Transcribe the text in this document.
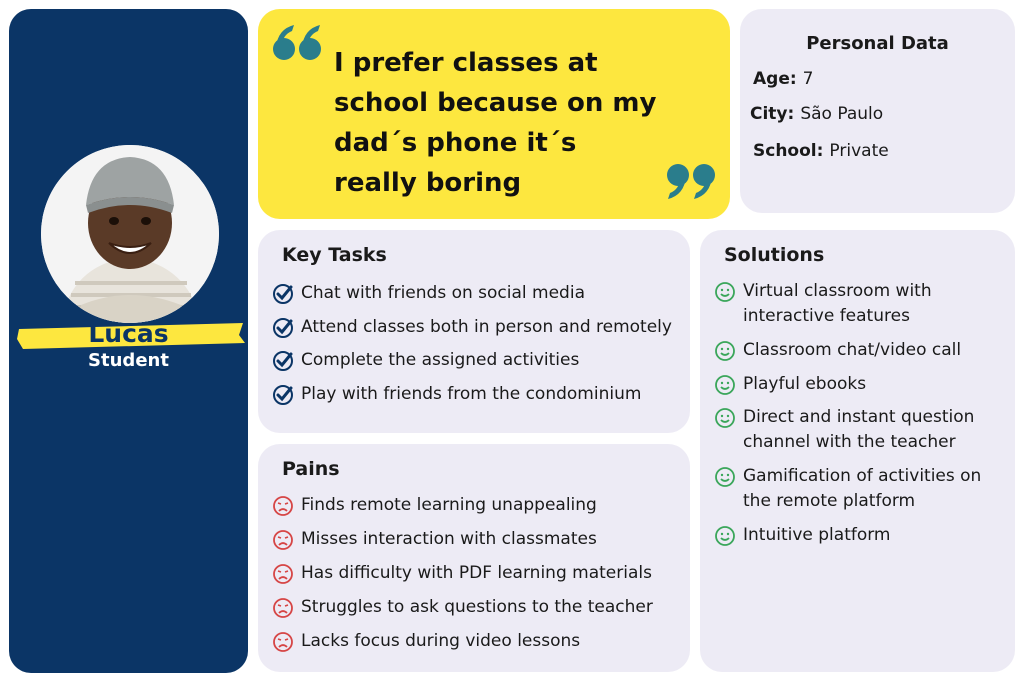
Lucas
Student
I prefer classes at school because on my dad´s phone it´s really boring
Personal Data
Age: 7
City: São Paulo
School: Private
Key Tasks
Chat with friends on social media
Attend classes both in person and remotely
Complete the assigned activities
Play with friends from the condominium
Pains
Finds remote learning unappealing
Misses interaction with classmates
Has difficulty with PDF learning materials
Struggles to ask questions to the teacher
Lacks focus during video lessons
Solutions
Virtual classroom with interactive features
Classroom chat/video call
Playful ebooks
Direct and instant question channel with the teacher
Gamification of activities on the remote platform
Intuitive platform
